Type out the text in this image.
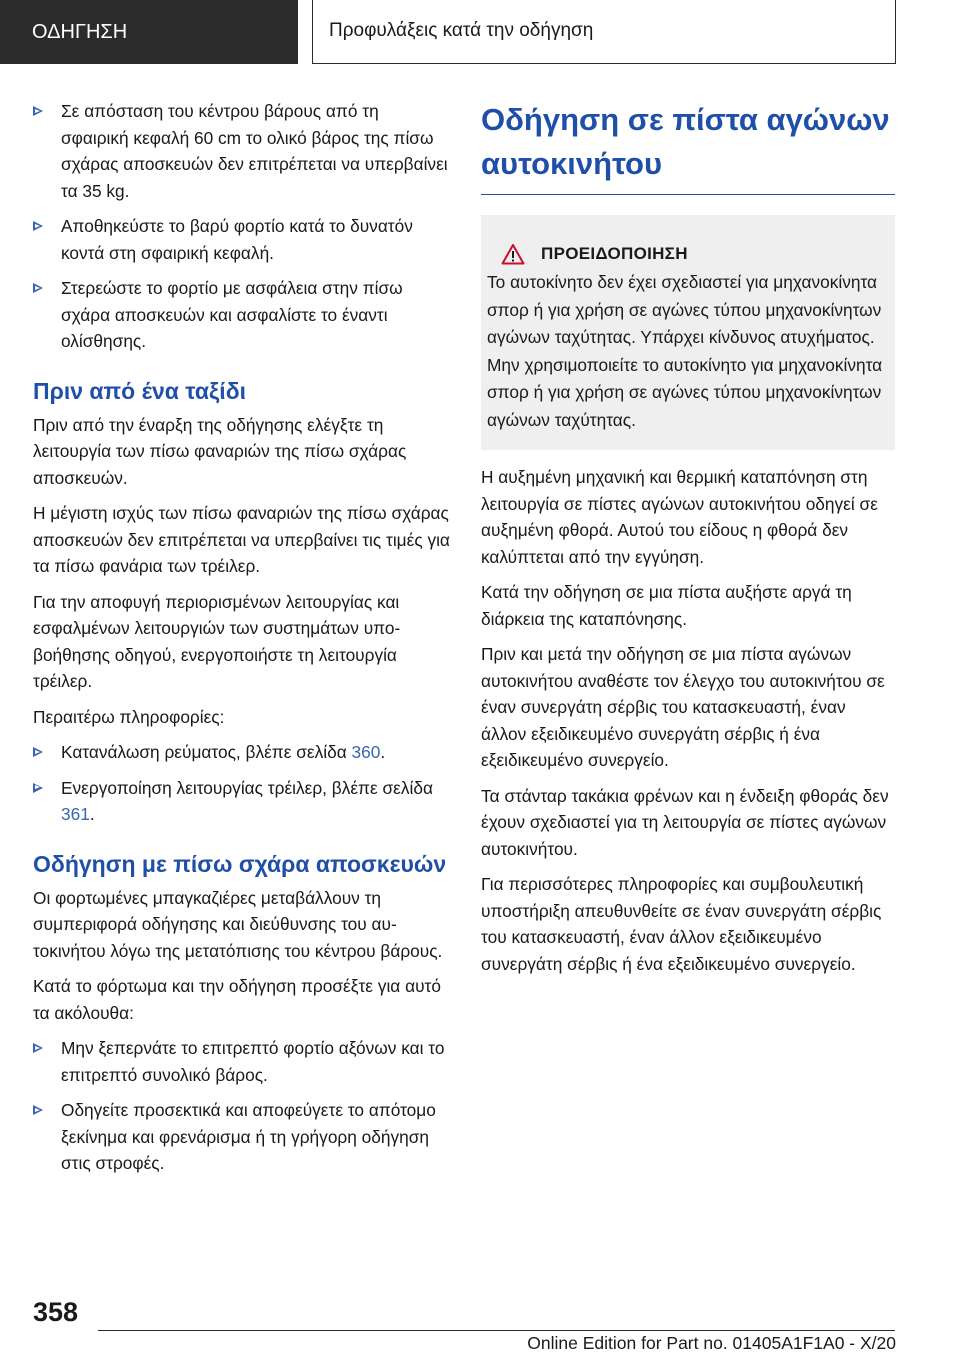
ΟΔΗΓΗΣΗ	Προφυλάξεις κατά την οδήγηση
Σε απόσταση του κέντρου βάρους από τη σφαιρική κεφαλή 60 cm το ολικό βάρος της πίσω σχάρας αποσκευών δεν επιτρέπεται να υπερβαίνει τα 35 kg.
Αποθηκεύστε το βαρύ φορτίο κατά το δυνατόν κοντά στη σφαιρική κεφαλή.
Στερεώστε το φορτίο με ασφάλεια στην πίσω σχάρα αποσκευών και ασφαλίστε το έναντι ολίσθησης.
Πριν από ένα ταξίδι

Πριν από την έναρξη της οδήγησης ελέγξτε τη λειτουργία των πίσω φαναριών της πίσω σχάρας αποσκευών.

Η μέγιστη ισχύς των πίσω φαναριών της πίσω σχάρας αποσκευών δεν επιτρέπεται να υπερβαίνει τις τιμές για τα πίσω φανάρια των τρέιλερ.

Για την αποφυγή περιορισμένων λειτουργίας και εσφαλμένων λειτουργιών των συστημάτων υποβοήθησης οδηγού, ενεργοποιήστε τη λειτουργία τρέιλερ.

Περαιτέρω πληροφορίες:

Κατανάλωση ρεύματος, βλέπε σελίδα 360.
Ενεργοποίηση λειτουργίας τρέιλερ, βλέπε σελίδα 361.
Οδήγηση με πίσω σχάρα αποσκευών

Οι φορτωμένες μπαγκαζιέρες μεταβάλλουν τη συμπεριφορά οδήγησης και διεύθυνσης του αυτοκινήτου λόγω της μετατόπισης του κέντρου βάρους.

Κατά το φόρτωμα και την οδήγηση προσέξτε για αυτό τα ακόλουθα:

Μην ξεπερνάτε το επιτρεπτό φορτίο αξόνων και το επιτρεπτό συνολικό βάρος.
Οδηγείτε προσεκτικά και αποφεύγετε το απότομο ξεκίνημα και φρενάρισμα ή τη γρήγορη οδήγηση στις στροφές.
Οδήγηση σε πίστα αγώνων αυτοκινήτου
ΠΡΟΕΙΔΟΠΟΙΗΣΗ

Το αυτοκίνητο δεν έχει σχεδιαστεί για μηχανοκίνητα σπορ ή για χρήση σε αγώνες τύπου μηχανοκίνητων αγώνων ταχύτητας. Υπάρχει κίνδυνος ατυχήματος. Μην χρησιμοποιείτε το αυτοκίνητο για μηχανοκίνητα σπορ ή για χρήση σε αγώνες τύπου μηχανοκίνητων αγώνων ταχύτητας.

Η αυξημένη μηχανική και θερμική καταπόνηση στη λειτουργία σε πίστες αγώνων αυτοκινήτου οδηγεί σε αυξημένη φθορά. Αυτού του είδους η φθορά δεν καλύπτεται από την εγγύηση.

Κατά την οδήγηση σε μια πίστα αυξήστε αργά τη διάρκεια της καταπόνησης.

Πριν και μετά την οδήγηση σε μια πίστα αγώνων αυτοκινήτου αναθέστε τον έλεγχο του αυτοκινήτου σε έναν συνεργάτη σέρβις του κατασκευαστή, έναν άλλον εξειδικευμένο συνεργάτη σέρβις ή ένα εξειδικευμένο συνεργείο.

Τα στάνταρ τακάκια φρένων και η ένδειξη φθοράς δεν έχουν σχεδιαστεί για τη λειτουργία σε πίστες αγώνων αυτοκινήτου.

Για περισσότερες πληροφορίες και συμβουλευτική υποστήριξη απευθυνθείτε σε έναν συνεργάτη σέρβις του κατασκευαστή, έναν άλλον εξειδικευμένο συνεργάτη σέρβις ή ένα εξειδικευμένο συνεργείο.

358
Online Edition for Part no. 01405A1F1A0 - X/20
